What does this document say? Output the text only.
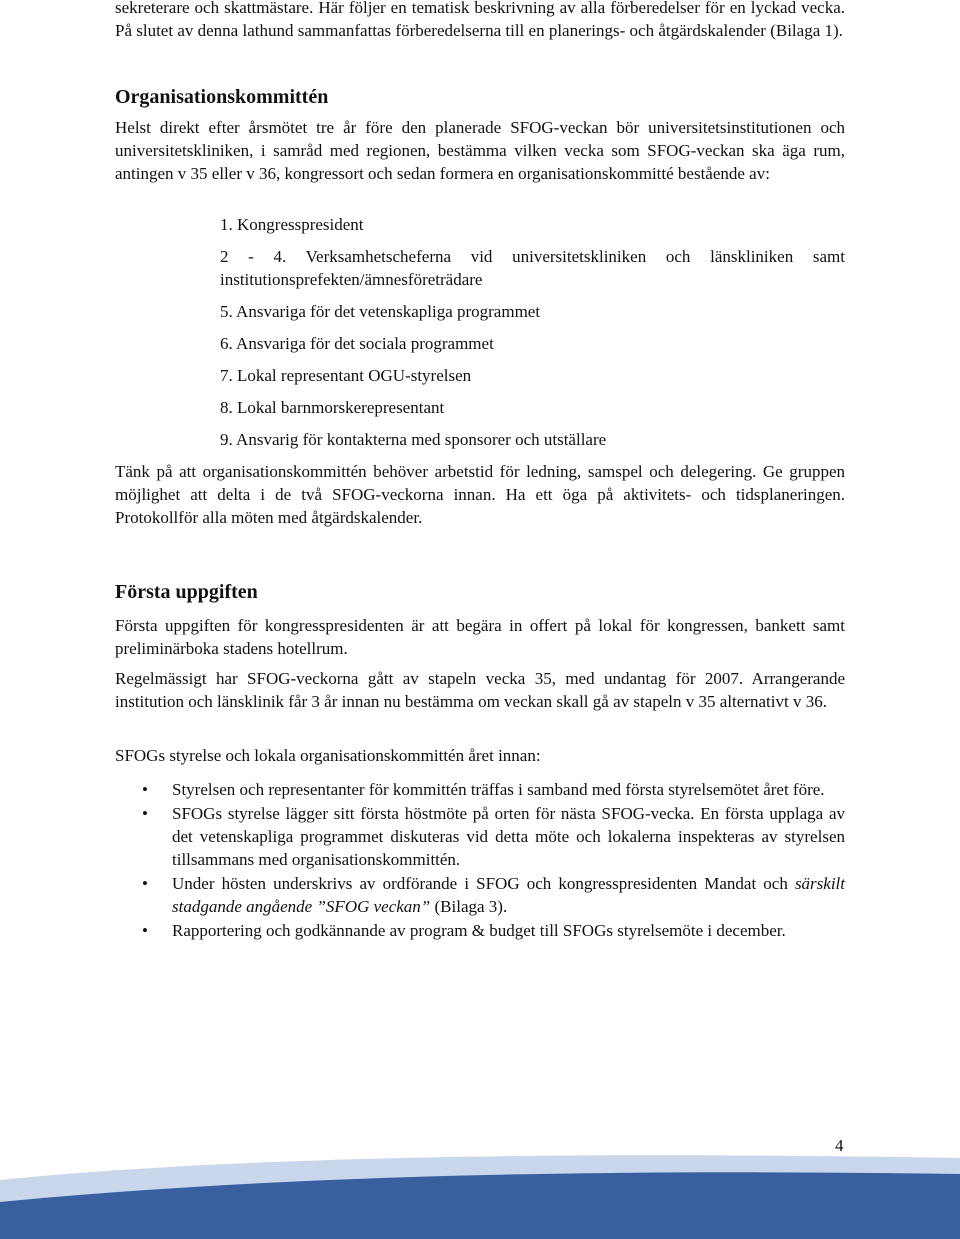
sekreterare och skattmästare. Här följer en tematisk beskrivning av alla förberedelser för en lyckad vecka. På slutet av denna lathund sammanfattas förberedelserna till en planerings- och åtgärdskalender (Bilaga 1).

Organisationskommittén

Helst direkt efter årsmötet tre år före den planerade SFOG-veckan bör universitetsinstitutionen och universitetskliniken, i samråd med regionen, bestämma vilken vecka som SFOG-veckan ska äga rum, antingen v 35 eller v 36, kongressort och sedan formera en organisationskommitté bestående av:

1. Kongresspresident
2 - 4. Verksamhetscheferna vid universitetskliniken och länskliniken samt institutionsprefekten/ämnesföreträdare
5. Ansvariga för det vetenskapliga programmet
6. Ansvariga för det sociala programmet
7. Lokal representant OGU-styrelsen
8. Lokal barnmorskerepresentant
9. Ansvarig för kontakterna med sponsorer och utställare

Tänk på att organisationskommittén behöver arbetstid för ledning, samspel och delegering. Ge gruppen möjlighet att delta i de två SFOG-veckorna innan. Ha ett öga på aktivitets- och tidsplaneringen. Protokollför alla möten med åtgärdskalender.

Första uppgiften

Första uppgiften för kongresspresidenten är att begära in offert på lokal för kongressen, bankett samt preliminärboka stadens hotellrum.

Regelmässigt har SFOG-veckorna gått av stapeln vecka 35, med undantag för 2007. Arrangerande institution och länsklinik får 3 år innan nu bestämma om veckan skall gå av stapeln v 35 alternativt v 36.

SFOGs styrelse och lokala organisationskommittén året innan:

• Styrelsen och representanter för kommittén träffas i samband med första styrelsemötet året före.
• SFOGs styrelse lägger sitt första höstmöte på orten för nästa SFOG-vecka. En första upplaga av det vetenskapliga programmet diskuteras vid detta möte och lokalerna inspekteras av styrelsen tillsammans med organisationskommittén.
• Under hösten underskrivs av ordförande i SFOG och kongresspresidenten Mandat och särskilt stadgande angående ”SFOG veckan” (Bilaga 3).
• Rapportering och godkännande av program & budget till SFOGs styrelsemöte i december.
4
